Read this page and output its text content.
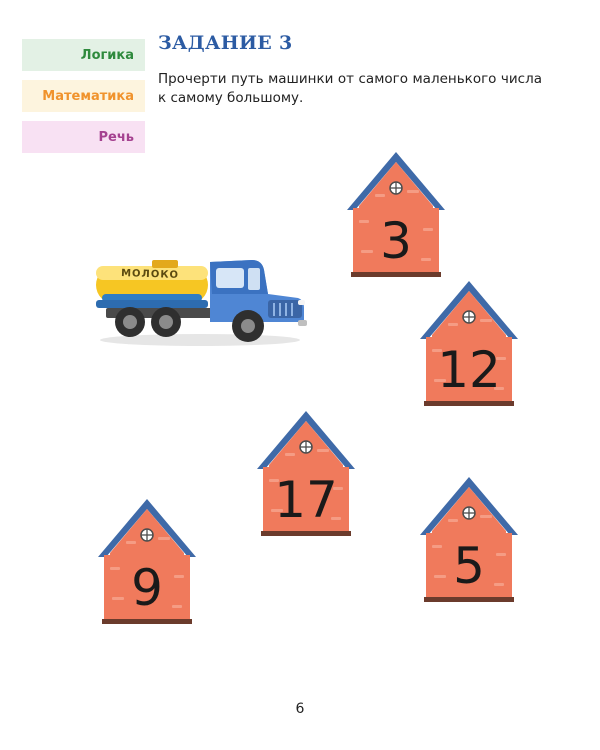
Логика
Математика
Речь
ЗАДАНИЕ 3
Прочерти путь машинки от самого маленького числа
к самому большому.
МОЛОКО
3
12
17
5
9
6
